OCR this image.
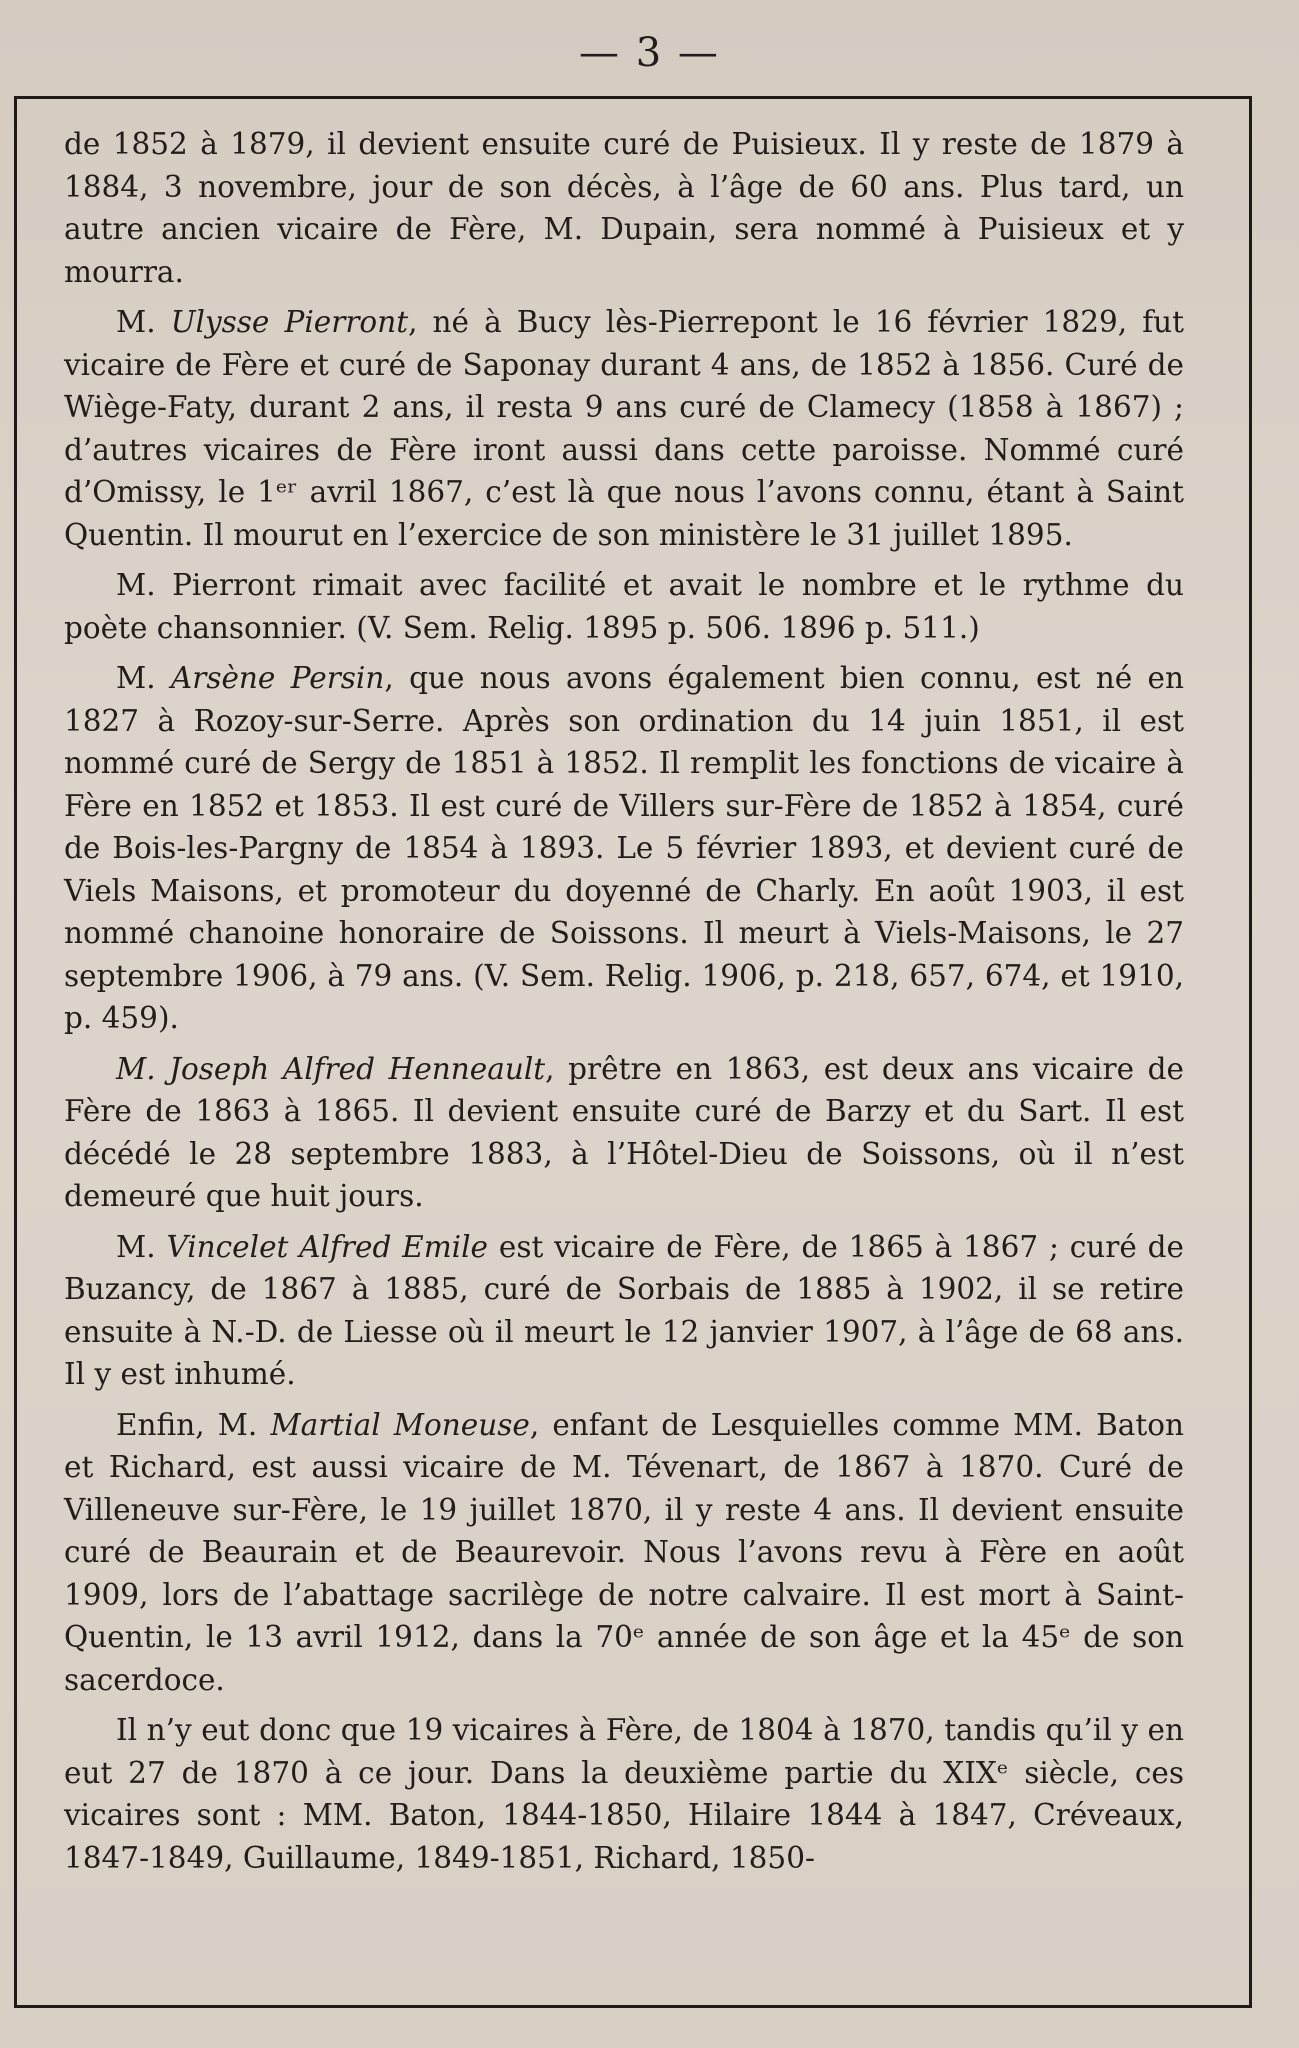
— 3 —

de 1852 à 1879, il devient ensuite curé de Puisieux. Il y reste de 1879 à 1884, 3 novembre, jour de son décès, à l’âge de 60 ans. Plus tard, un autre ancien vicaire de Fère, M. Dupain, sera nommé à Puisieux et y mourra.

M. Ulysse Pierront, né à Bucy lès-Pierrepont le 16 février 1829, fut vicaire de Fère et curé de Saponay durant 4 ans, de 1852 à 1856. Curé de Wiège-Faty, durant 2 ans, il resta 9 ans curé de Clamecy (1858 à 1867) ; d’autres vicaires de Fère iront aussi dans cette paroisse. Nommé curé d’Omissy, le 1ᵉʳ avril 1867, c’est là que nous l’avons connu, étant à Saint Quentin. Il mourut en l’exercice de son ministère le 31 juillet 1895.

M. Pierront rimait avec facilité et avait le nombre et le rythme du poète chansonnier. (V. Sem. Relig. 1895 p. 506. 1896 p. 511.)

M. Arsène Persin, que nous avons également bien connu, est né en 1827 à Rozoy-sur-Serre. Après son ordination du 14 juin 1851, il est nommé curé de Sergy de 1851 à 1852. Il remplit les fonctions de vicaire à Fère en 1852 et 1853. Il est curé de Villers sur-Fère de 1852 à 1854, curé de Bois-les-Pargny de 1854 à 1893. Le 5 février 1893, et devient curé de Viels Maisons, et promoteur du doyenné de Charly. En août 1903, il est nommé chanoine honoraire de Soissons. Il meurt à Viels-Maisons, le 27 septembre 1906, à 79 ans. (V. Sem. Relig. 1906, p. 218, 657, 674, et 1910, p. 459).

M. Joseph Alfred Henneault, prêtre en 1863, est deux ans vicaire de Fère de 1863 à 1865. Il devient ensuite curé de Barzy et du Sart. Il est décédé le 28 septembre 1883, à l’Hôtel-Dieu de Soissons, où il n’est demeuré que huit jours.

M. Vincelet Alfred Emile est vicaire de Fère, de 1865 à 1867 ; curé de Buzancy, de 1867 à 1885, curé de Sorbais de 1885 à 1902, il se retire ensuite à N.-D. de Liesse où il meurt le 12 janvier 1907, à l’âge de 68 ans. Il y est inhumé.

Enfin, M. Martial Moneuse, enfant de Lesquielles comme MM. Baton et Richard, est aussi vicaire de M. Tévenart, de 1867 à 1870. Curé de Villeneuve sur-Fère, le 19 juillet 1870, il y reste 4 ans. Il devient ensuite curé de Beaurain et de Beaurevoir. Nous l’avons revu à Fère en août 1909, lors de l’abattage sacrilège de notre calvaire. Il est mort à Saint-Quentin, le 13 avril 1912, dans la 70ᵉ année de son âge et la 45ᵉ de son sacerdoce.

Il n’y eut donc que 19 vicaires à Fère, de 1804 à 1870, tandis qu’il y en eut 27 de 1870 à ce jour. Dans la deuxième partie du XIXᵉ siècle, ces vicaires sont : MM. Baton, 1844-1850, Hilaire 1844 à 1847, Créveaux, 1847-1849, Guillaume, 1849-1851, Richard, 1850-
